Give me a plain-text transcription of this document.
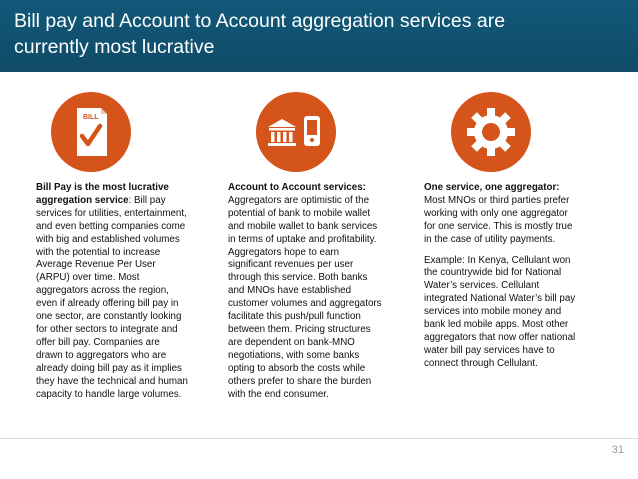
Bill pay and Account to Account aggregation services are
currently most lucrative
BILL
Bill Pay is the most lucrative
aggregation service: Bill pay
services for utilities, entertainment,
and even betting companies come
with big and established volumes
with the potential to increase
Average Revenue Per User
(ARPU) over time. Most
aggregators across the region,
even if already offering bill pay in
one sector, are constantly looking
for other sectors to integrate and
offer bill pay. Companies are
drawn to aggregators who are
already doing bill pay as it implies
they have the technical and human
capacity to handle large volumes.
Account to Account services:
Aggregators are optimistic of the
potential of bank to mobile wallet
and mobile wallet to bank services
in terms of uptake and profitability.
Aggregators hope to earn
significant revenues per user
through this service. Both banks
and MNOs have established
customer volumes and aggregators
facilitate this push/pull function
between them. Pricing structures
are dependent on bank-MNO
negotiations, with some banks
opting to absorb the costs while
others prefer to share the burden
with the end consumer.
One service, one aggregator:
Most MNOs or third parties prefer
working with only one aggregator
for one service. This is mostly true
in the case of utility payments.
Example: In Kenya, Cellulant won
the countrywide bid for National
Water’s services. Cellulant
integrated National Water’s bill pay
services into mobile money and
bank led mobile apps. Most other
aggregators that now offer national
water bill pay services have to
connect through Cellulant.
31
